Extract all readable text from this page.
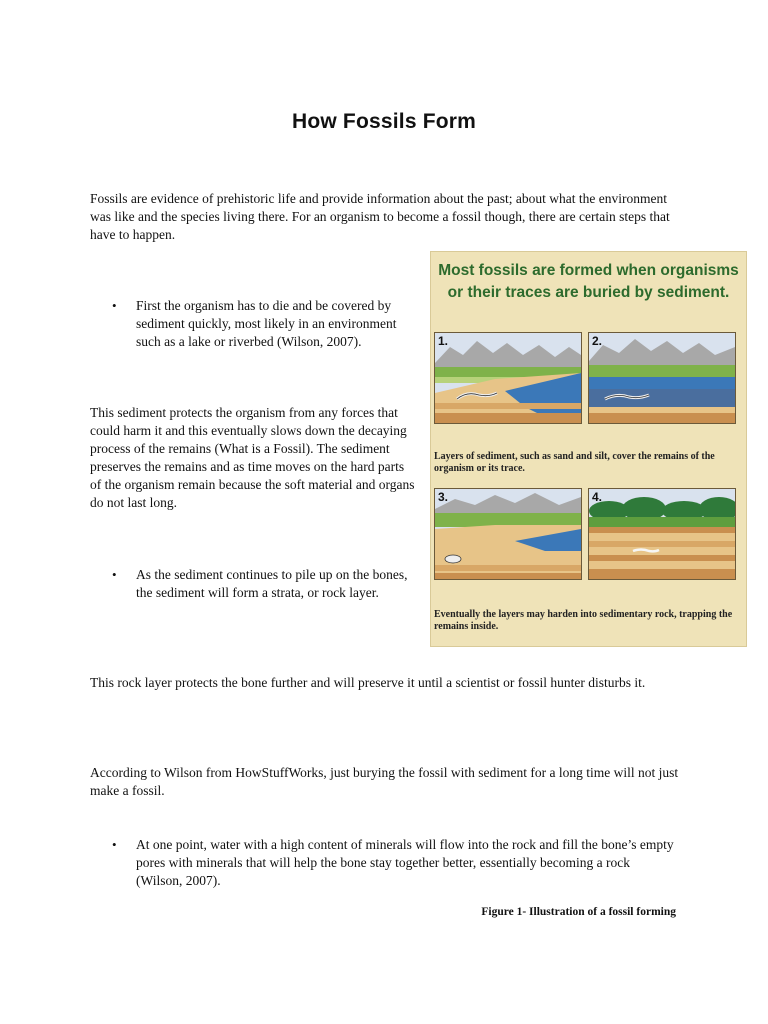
How Fossils Form

Fossils are evidence of prehistoric life and provide information about the past; about what the environment was like and the species living there. For an organism to become a fossil though, there are certain steps that have to happen.

• First the organism has to die and be covered by sediment quickly, most likely in an environment such as a lake or riverbed (Wilson, 2007).

This sediment protects the organism from any forces that could harm it and this eventually slows down the decaying process of the remains (What is a Fossil). The sediment preserves the remains and as time moves on the hard parts of the organism remain because the soft material and organs do not last long.

• As the sediment continues to pile up on the bones, the sediment will form a strata, or rock layer.

This rock layer protects the bone further and will preserve it until a scientist or fossil hunter disturbs it.

According to Wilson from HowStuffWorks, just burying the fossil with sediment for a long time will not just make a fossil.

• At one point, water with a high content of minerals will flow into the rock and fill the bone’s empty pores with minerals that will help the bone stay together better, essentially becoming a rock (Wilson, 2007).
Most fossils are formed when organisms or their traces are buried by sediment.
1.	2.
Layers of sediment, such as sand and silt, cover the remains of the organism or its trace.
3.	4.
Eventually the layers may harden into sedimentary rock, trapping the remains inside.
Figure 1- Illustration of a fossil forming
